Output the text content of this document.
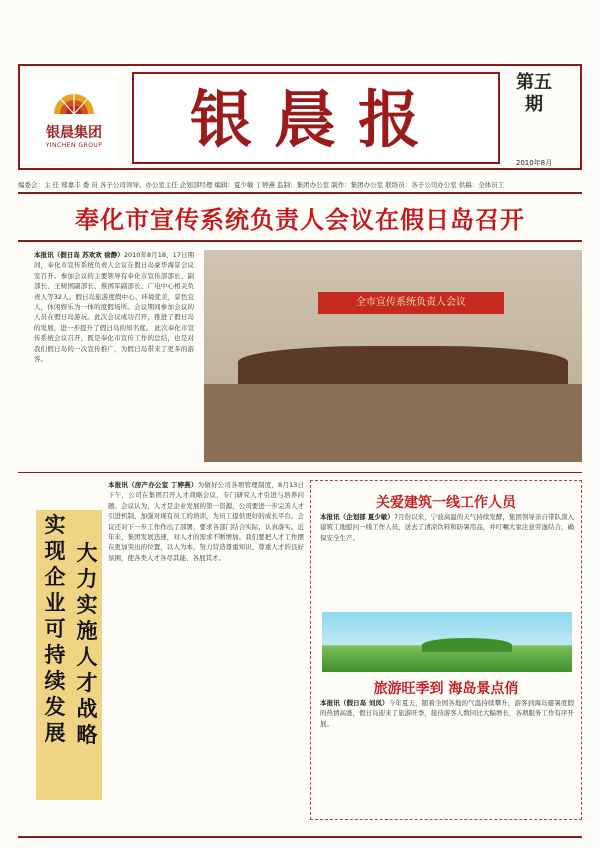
银晨集团
YINCHEN GROUP	银晨报
第五期
2010年8月
编委会：主 任 郑嘉丰 委 员 各子公司领导、办公室主任 企划部经理 编辑：夏少敏 丁婷燕 监制：集团办公室 制作：集团办公室 联络员：各子公司办公室 供稿：全体员工
奉化市宣传系统负责人会议在假日岛召开
本报讯（假日岛 苏欢欢 徐静）2010年8月18、17日期间，奉化市宣传系统负责人会议在假日岛豪华海景会议室召开。参加会议的主要领导有奉化市宣传部部长、副部长、王树国副部长、蔡国军副部长、广电中心相关负责人等32人。假日岛旅游度假中心、环境优美，景色宜人，休闲娱乐为一体的度假场所。会议期间参加会议的人员在假日岛游玩。此次会议成功召开，推进了假日岛的发展，进一步提升了假日岛的知名度。 此次奉化市宣传系统会议召开，既是奉化市宣传工作的总结，也是对我们假日岛的一次宣传推广，为假日岛带来了更多的游客。
全市宣传系统负责人会议
实现企业可持续发展
大力实施人才战略
本报讯（房产办公室 丁婷燕）为做好公司各项管理制度，8月13日下午，公司在集团召开人才战略会议，专门研究人才引进与培养问题。会议认为，人才是企业发展的第一资源，公司要进一步完善人才引进机制，加强对现有员工的培训，为员工提供更好的成长平台。会议还对下一步工作作出了部署，要求各部门结合实际，认真落实。近年来，集团发展迅速，对人才的需求不断增加。我们要把人才工作摆在更加突出的位置，以人为本，努力营造尊重知识、尊重人才的良好氛围，使各类人才各尽其能、各展其才。
关爱建筑一线工作人员
本报讯（企划部 夏少敏）7月份以来，宁波高温的天气持续发酵，集团领导亲自带队深入建筑工地慰问一线工作人员，送去了清凉饮料和防暑用品，并叮嘱大家注意劳逸结合，确保安全生产。
旅游旺季到 海岛景点俏
本报讯（假日岛 刘凤）今年夏天，随着全国各地的气温持续攀升，游客到海岛避暑度假的热情高涨，假日岛迎来了旅游旺季，接待游客人数同比大幅增长，各项服务工作有序开展。
